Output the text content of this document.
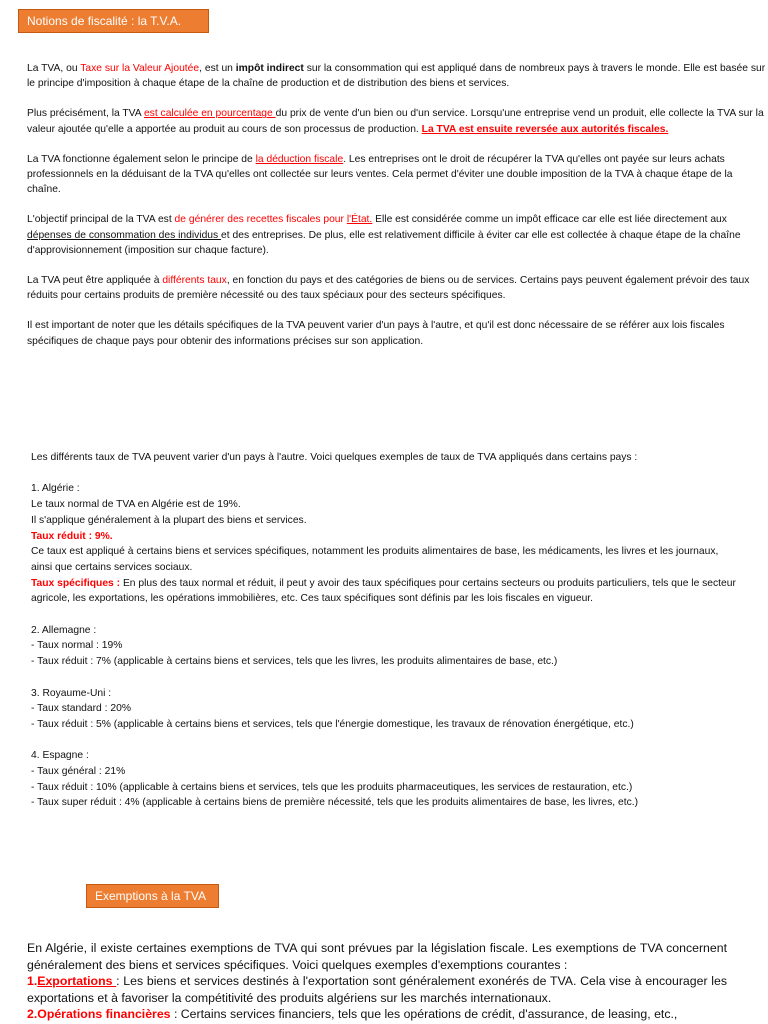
Notions de fiscalité : la T.V.A.

La TVA, ou Taxe sur la Valeur Ajoutée, est un impôt indirect sur la consommation qui est appliqué dans de nombreux pays à travers le monde. Elle est basée sur le principe d'imposition à chaque étape de la chaîne de production et de distribution des biens et services.

Plus précisément, la TVA est calculée en pourcentage du prix de vente d'un bien ou d'un service. Lorsqu'une entreprise vend un produit, elle collecte la TVA sur la valeur ajoutée qu'elle a apportée au produit au cours de son processus de production. La TVA est ensuite reversée aux autorités fiscales.

La TVA fonctionne également selon le principe de la déduction fiscale. Les entreprises ont le droit de récupérer la TVA qu'elles ont payée sur leurs achats professionnels en la déduisant de la TVA qu'elles ont collectée sur leurs ventes. Cela permet d'éviter une double imposition de la TVA à chaque étape de la chaîne.

L'objectif principal de la TVA est de générer des recettes fiscales pour l'État. Elle est considérée comme un impôt efficace car elle est liée directement aux dépenses de consommation des individus et des entreprises. De plus, elle est relativement difficile à éviter car elle est collectée à chaque étape de la chaîne d'approvisionnement (imposition sur chaque facture).

La TVA peut être appliquée à différents taux, en fonction du pays et des catégories de biens ou de services. Certains pays peuvent également prévoir des taux réduits pour certains produits de première nécessité ou des taux spéciaux pour des secteurs spécifiques.

Il est important de noter que les détails spécifiques de la TVA peuvent varier d'un pays à l'autre, et qu'il est donc nécessaire de se référer aux lois fiscales spécifiques de chaque pays pour obtenir des informations précises sur son application.

Les différents taux de TVA peuvent varier d'un pays à l'autre. Voici quelques exemples de taux de TVA appliqués dans certains pays :
1. Algérie :
Le taux normal de TVA en Algérie est de 19%.
Il s'applique généralement à la plupart des biens et services.
Taux réduit : 9%.
Ce taux est appliqué à certains biens et services spécifiques, notamment les produits alimentaires de base, les médicaments, les livres et les journaux, ainsi que certains services sociaux.
Taux spécifiques : En plus des taux normal et réduit, il peut y avoir des taux spécifiques pour certains secteurs ou produits particuliers, tels que le secteur agricole, les exportations, les opérations immobilières, etc. Ces taux spécifiques sont définis par les lois fiscales en vigueur.
2. Allemagne :
- Taux normal : 19%
- Taux réduit : 7% (applicable à certains biens et services, tels que les livres, les produits alimentaires de base, etc.)
3. Royaume-Uni :
- Taux standard : 20%
- Taux réduit : 5% (applicable à certains biens et services, tels que l'énergie domestique, les travaux de rénovation énergétique, etc.)
4. Espagne :
- Taux général : 21%
- Taux réduit : 10% (applicable à certains biens et services, tels que les produits pharmaceutiques, les services de restauration, etc.)
- Taux super réduit : 4% (applicable à certains biens de première nécessité, tels que les produits alimentaires de base, les livres, etc.)
Exemptions à la TVA
En Algérie, il existe certaines exemptions de TVA qui sont prévues par la législation fiscale. Les exemptions de TVA concernent généralement des biens et services spécifiques. Voici quelques exemples d'exemptions courantes :
1.Exportations : Les biens et services destinés à l'exportation sont généralement exonérés de TVA. Cela vise à encourager les exportations et à favoriser la compétitivité des produits algériens sur les marchés internationaux.
2.Opérations financières : Certains services financiers, tels que les opérations de crédit, d'assurance, de leasing, etc.,
